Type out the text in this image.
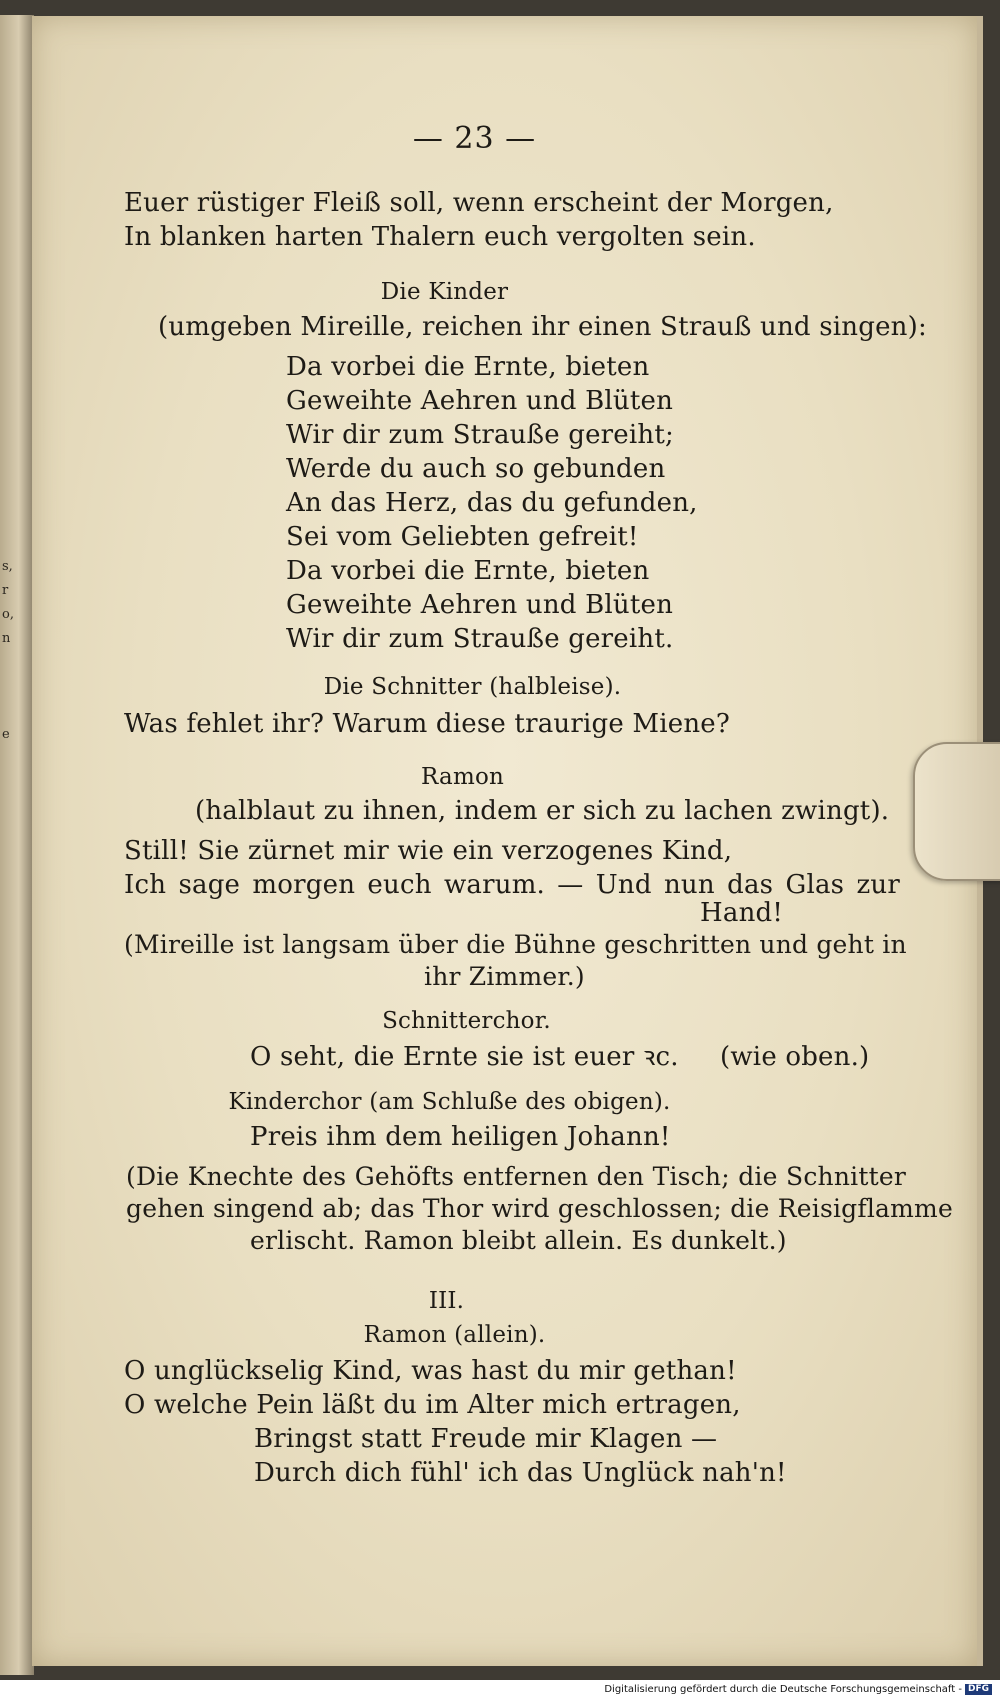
s,
r
o,
n
e
— 23 —
Euer rüstiger Fleiß soll, wenn erscheint der Morgen,
In blanken harten Thalern euch vergolten sein.
Die Kinder
(umgeben Mireille, reichen ihr einen Strauß und singen):
Da vorbei die Ernte, bieten
Geweihte Aehren und Blüten
Wir dir zum Strauße gereiht;
Werde du auch so gebunden
An das Herz, das du gefunden,
Sei vom Geliebten gefreit!
Da vorbei die Ernte, bieten
Geweihte Aehren und Blüten
Wir dir zum Strauße gereiht.
Die Schnitter (halbleise).
Was fehlet ihr? Warum diese traurige Miene?
Ramon
(halblaut zu ihnen, indem er sich zu lachen zwingt).
Still! Sie zürnet mir wie ein verzogenes Kind,
Ich sage morgen euch warum. — Und nun das Glas zur
Hand!
(Mireille ist langsam über die Bühne geschritten und geht in
ihr Zimmer.)
Schnitterchor.
O seht, die Ernte sie ist euer ꝛc. (wie oben.)
Kinderchor (am Schluße des obigen).
Preis ihm dem heiligen Johann!
(Die Knechte des Gehöfts entfernen den Tisch; die Schnitter
gehen singend ab; das Thor wird geschlossen; die Reisigflamme
erlischt. Ramon bleibt allein. Es dunkelt.)
III.
Ramon (allein).
O unglückselig Kind, was hast du mir gethan!
O welche Pein läßt du im Alter mich ertragen,
Bringst statt Freude mir Klagen —
Durch dich fühl' ich das Unglück nah'n!
Digitalisierung gefördert durch die Deutsche Forschungsgemeinschaft - DFG
